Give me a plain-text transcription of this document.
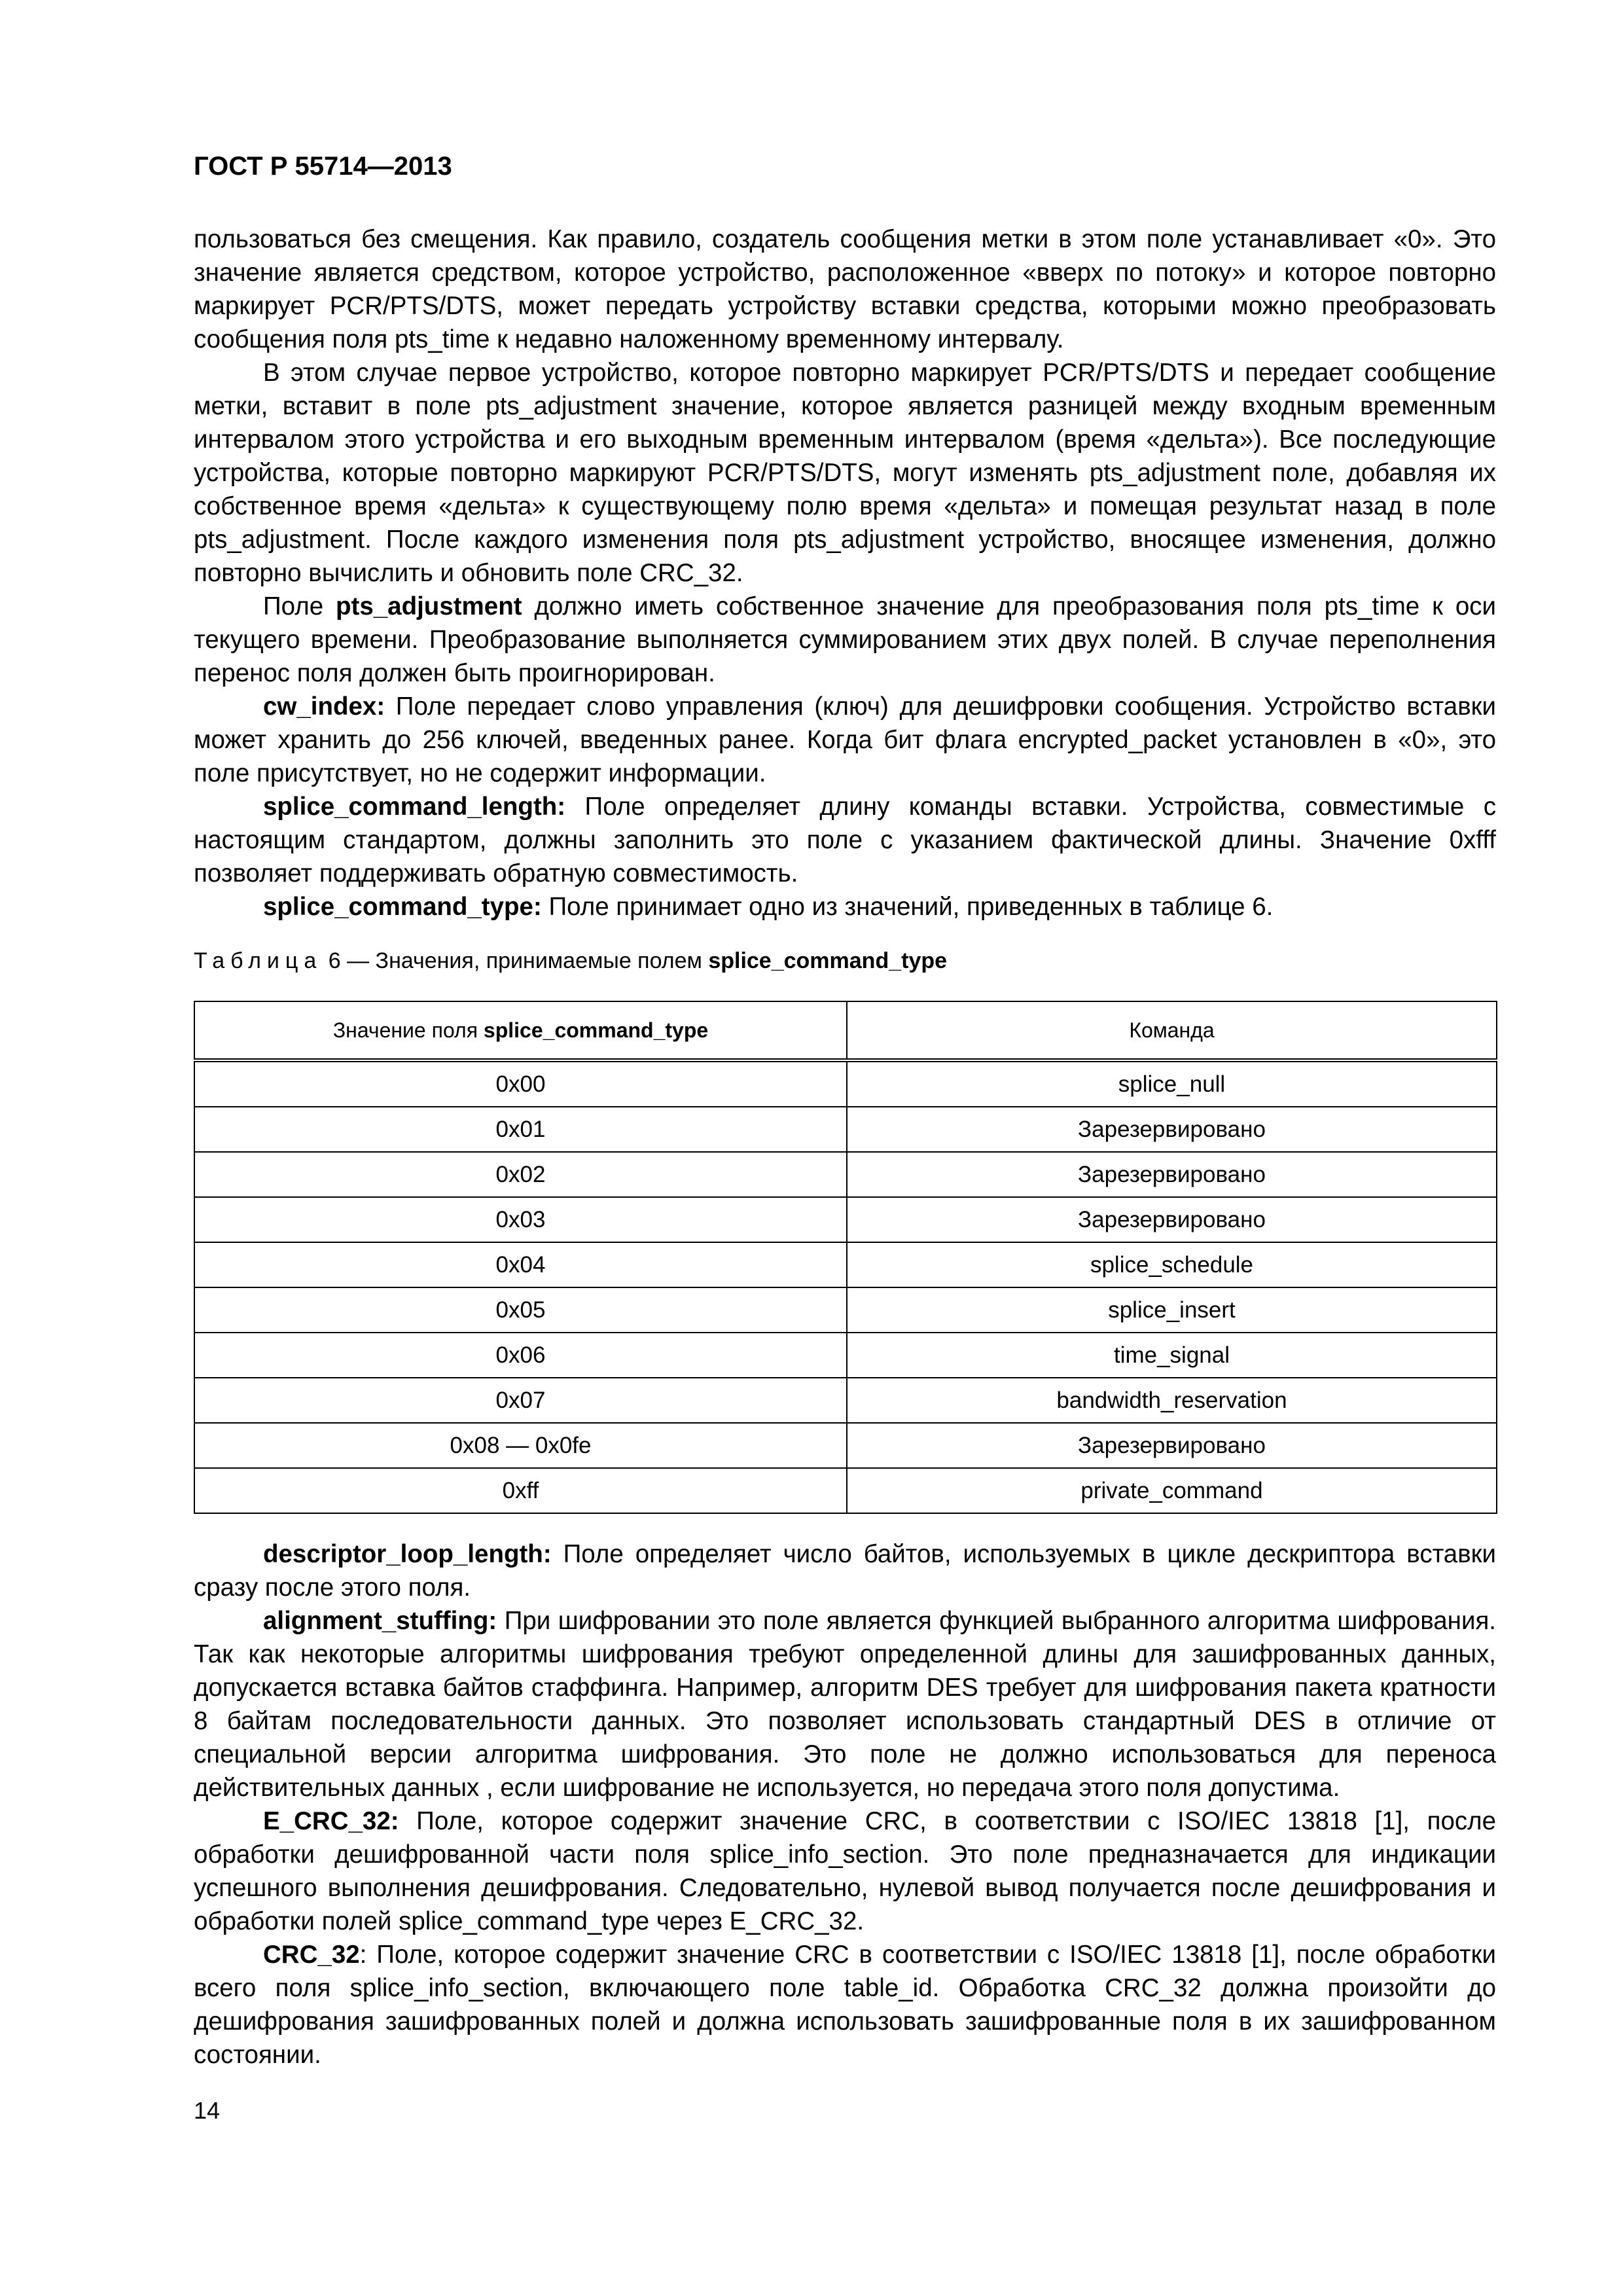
ГОСТ Р 55714—2013

пользоваться без смещения. Как правило, создатель сообщения метки в этом поле устанавливает «0». Это значение является средством, которое устройство, расположенное «вверх по потоку» и которое повторно маркирует PCR/PTS/DTS, может передать устройству вставки средства, которыми можно преобразовать сообщения поля pts_time к недавно наложенному временному интервалу.

В этом случае первое устройство, которое повторно маркирует PCR/PTS/DTS и передает сообщение метки, вставит в поле pts_adjustment значение, которое является разницей между входным временным интервалом этого устройства и его выходным временным интервалом (время «дельта»). Все последующие устройства, которые повторно маркируют PCR/PTS/DTS, могут изменять pts_adjustment поле, добавляя их собственное время «дельта» к существующему полю время «дельта» и помещая результат назад в поле pts_adjustment. После каждого изменения поля pts_adjustment устройство, вносящее изменения, должно повторно вычислить и обновить поле CRC_32.

Поле pts_adjustment должно иметь собственное значение для преобразования поля pts_time к оси текущего времени. Преобразование выполняется суммированием этих двух полей. В случае переполнения перенос поля должен быть проигнорирован.

cw_index: Поле передает слово управления (ключ) для дешифровки сообщения. Устройство вставки может хранить до 256 ключей, введенных ранее. Когда бит флага encrypted_packet установлен в «0», это поле присутствует, но не содержит информации.

splice_command_length: Поле определяет длину команды вставки. Устройства, совместимые с настоящим стандартом, должны заполнить это поле с указанием фактической длины. Значение 0xfff позволяет поддерживать обратную совместимость.

splice_command_type: Поле принимает одно из значений, приведенных в таблице 6.

Таблица 6 — Значения, принимаемые полем splice_command_type

Значение поля splice_command_type	Команда
0x00	splice_null
0x01	Зарезервировано
0x02	Зарезервировано
0x03	Зарезервировано
0x04	splice_schedule
0x05	splice_insert
0x06	time_signal
0x07	bandwidth_reservation
0x08 — 0x0fe	Зарезервировано
0xff	private_command

descriptor_loop_length: Поле определяет число байтов, используемых в цикле дескриптора вставки сразу после этого поля.

alignment_stuffing: При шифровании это поле является функцией выбранного алгоритма шифрования. Так как некоторые алгоритмы шифрования требуют определенной длины для зашифрованных данных, допускается вставка байтов стаффинга. Например, алгоритм DES требует для шифрования пакета кратности 8 байтам последовательности данных. Это позволяет использовать стандартный DES в отличие от специальной версии алгоритма шифрования. Это поле не должно использоваться для переноса действительных данных , если шифрование не используется, но передача этого поля допустима.

E_CRC_32: Поле, которое содержит значение CRC, в соответствии с ISO/IEC 13818 [1], после обработки дешифрованной части поля splice_info_section. Это поле предназначается для индикации успешного выполнения дешифрования. Следовательно, нулевой вывод получается после дешифрования и обработки полей splice_command_type через E_CRC_32.

CRC_32: Поле, которое содержит значение CRC в соответствии с ISO/IEC 13818 [1], после обработки всего поля splice_info_section, включающего поле table_id. Обработка CRC_32 должна произойти до дешифрования зашифрованных полей и должна использовать зашифрованные поля в их зашифрованном состоянии.

14
